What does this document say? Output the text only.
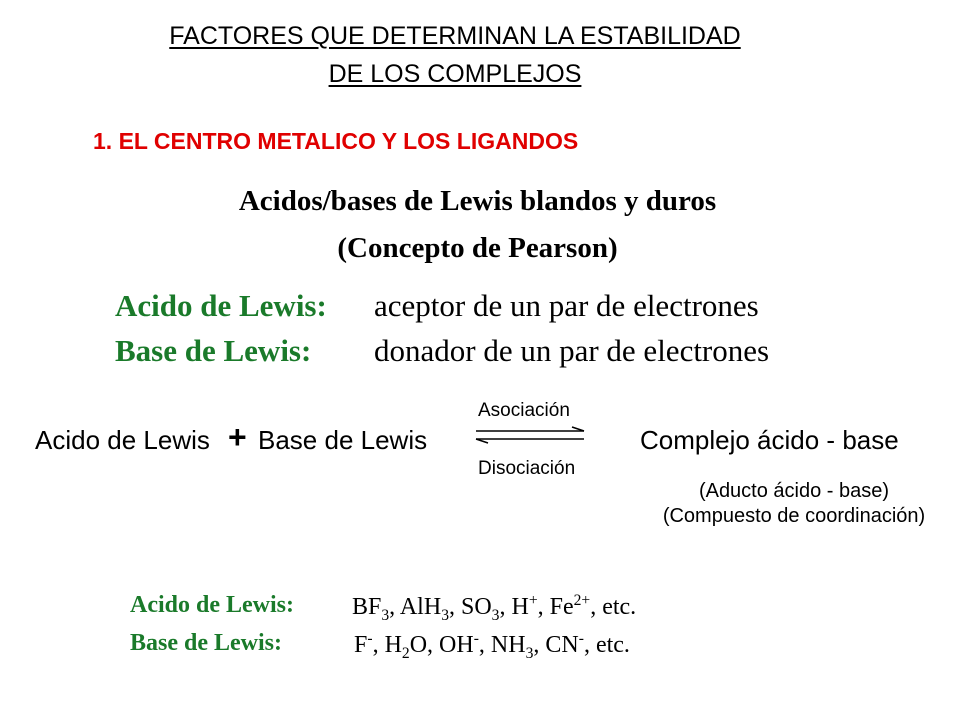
FACTORES QUE DETERMINAN LA ESTABILIDAD
DE LOS COMPLEJOS
1. EL CENTRO METALICO Y LOS LIGANDOS
Acidos/bases de Lewis blandos y duros
(Concepto de Pearson)
Acido de Lewis: aceptor de un par de electrones
Base de Lewis: donador de un par de electrones
Acido de Lewis + Base de Lewis
Asociación
Disociación
Complejo ácido - base
(Aducto ácido - base)
(Compuesto de coordinación)
Acido de Lewis: $BF_3$, AlH$_3$, $SO_3$, H+, $Fe^{2+}$, etc.
Base de Lewis:	F-, $H_2O$, OH-, $NH_3$, CN-, etc.
